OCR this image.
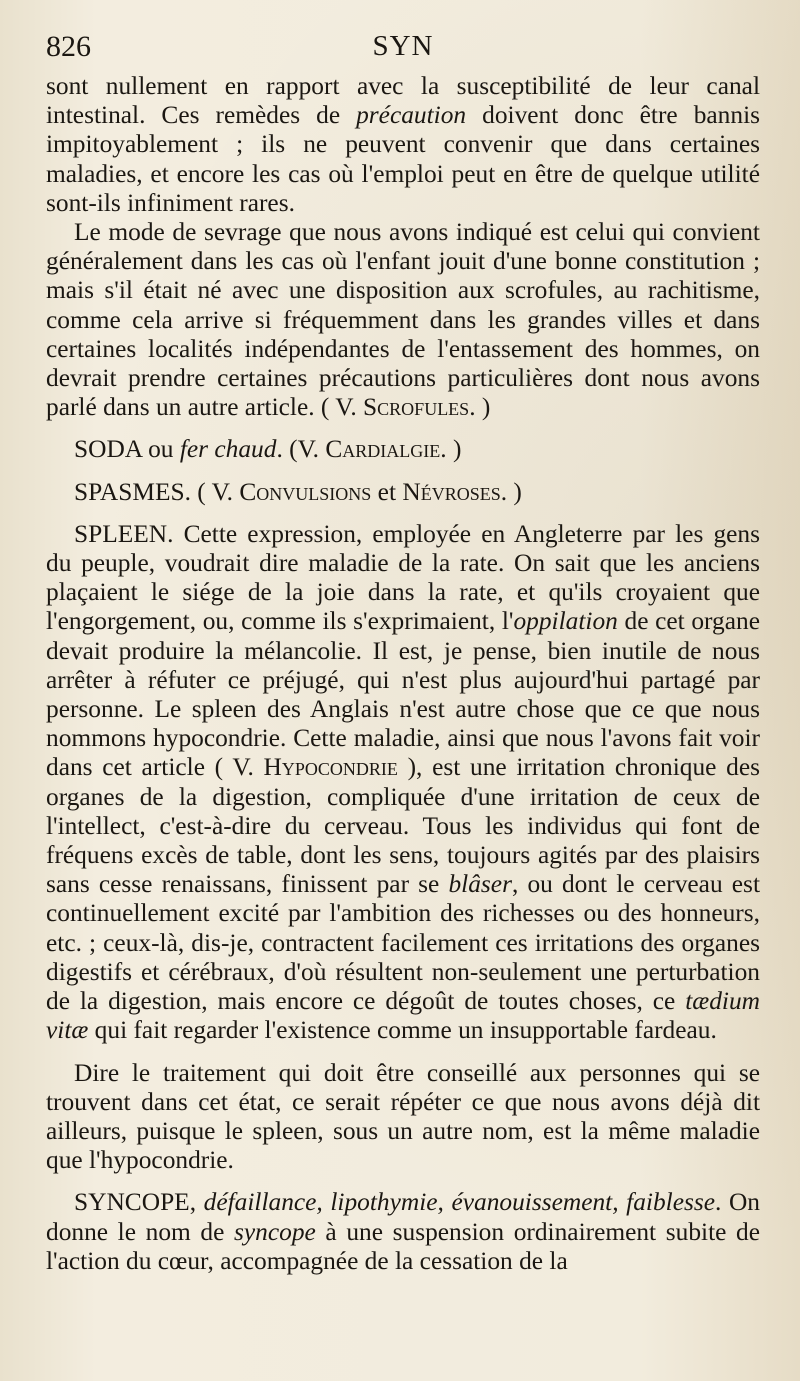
826	SYN

sont nullement en rapport avec la susceptibilité de leur canal intestinal. Ces remèdes de précaution doivent donc être bannis impitoyablement ; ils ne peuvent convenir que dans certaines maladies, et encore les cas où l'emploi peut en être de quelque utilité sont-ils infiniment rares.

Le mode de sevrage que nous avons indiqué est celui qui convient généralement dans les cas où l'enfant jouit d'une bonne constitution ; mais s'il était né avec une disposition aux scrofules, au rachitisme, comme cela arrive si fréquemment dans les grandes villes et dans certaines localités indépendantes de l'entassement des hommes, on devrait prendre certaines précautions particulières dont nous avons parlé dans un autre article. ( V. Scrofules. )

SODA ou fer chaud. (V. Cardialgie. )

SPASMES. ( V. Convulsions et Névroses. )

SPLEEN. Cette expression, employée en Angleterre par les gens du peuple, voudrait dire maladie de la rate. On sait que les anciens plaçaient le siége de la joie dans la rate, et qu'ils croyaient que l'engorgement, ou, comme ils s'exprimaient, l'oppilation de cet organe devait produire la mélancolie. Il est, je pense, bien inutile de nous arrêter à réfuter ce préjugé, qui n'est plus aujourd'hui partagé par personne. Le spleen des Anglais n'est autre chose que ce que nous nommons hypocondrie. Cette maladie, ainsi que nous l'avons fait voir dans cet article ( V. Hypocondrie ), est une irritation chronique des organes de la digestion, compliquée d'une irritation de ceux de l'intellect, c'est-à-dire du cerveau. Tous les individus qui font de fréquens excès de table, dont les sens, toujours agités par des plaisirs sans cesse renaissans, finissent par se blâser, ou dont le cerveau est continuellement excité par l'ambition des richesses ou des honneurs, etc. ; ceux-là, dis-je, contractent facilement ces irritations des organes digestifs et cérébraux, d'où résultent non-seulement une perturbation de la digestion, mais encore ce dégoût de toutes choses, ce tædium vitæ qui fait regarder l'existence comme un insupportable fardeau.

Dire le traitement qui doit être conseillé aux personnes qui se trouvent dans cet état, ce serait répéter ce que nous avons déjà dit ailleurs, puisque le spleen, sous un autre nom, est la même maladie que l'hypocondrie.

SYNCOPE, défaillance, lipothymie, évanouissement, faiblesse. On donne le nom de syncope à une suspension ordinairement subite de l'action du cœur, accompagnée de la cessation de la
